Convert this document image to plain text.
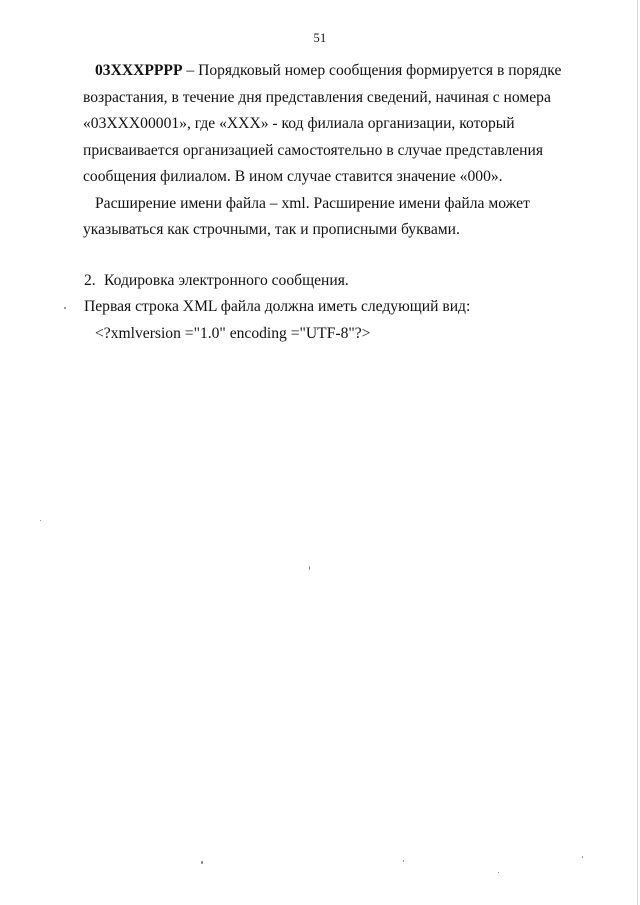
51

03XXXPPPP – Порядковый номер сообщения формируется в порядке возрастания, в течение дня представления сведений, начиная с номера «03XXX00001», где «XXX» - код филиала организации, который присваивается организацией самостоятельно в случае представления сообщения филиалом. В ином случае ставится значение «000».

Расширение имени файла – xml. Расширение имени файла может указываться как строчными, так и прописными буквами.

2. Кодировка электронного сообщения.

Первая строка XML файла должна иметь следующий вид:

<?xmlversion ="1.0" encoding ="UTF-8"?>
